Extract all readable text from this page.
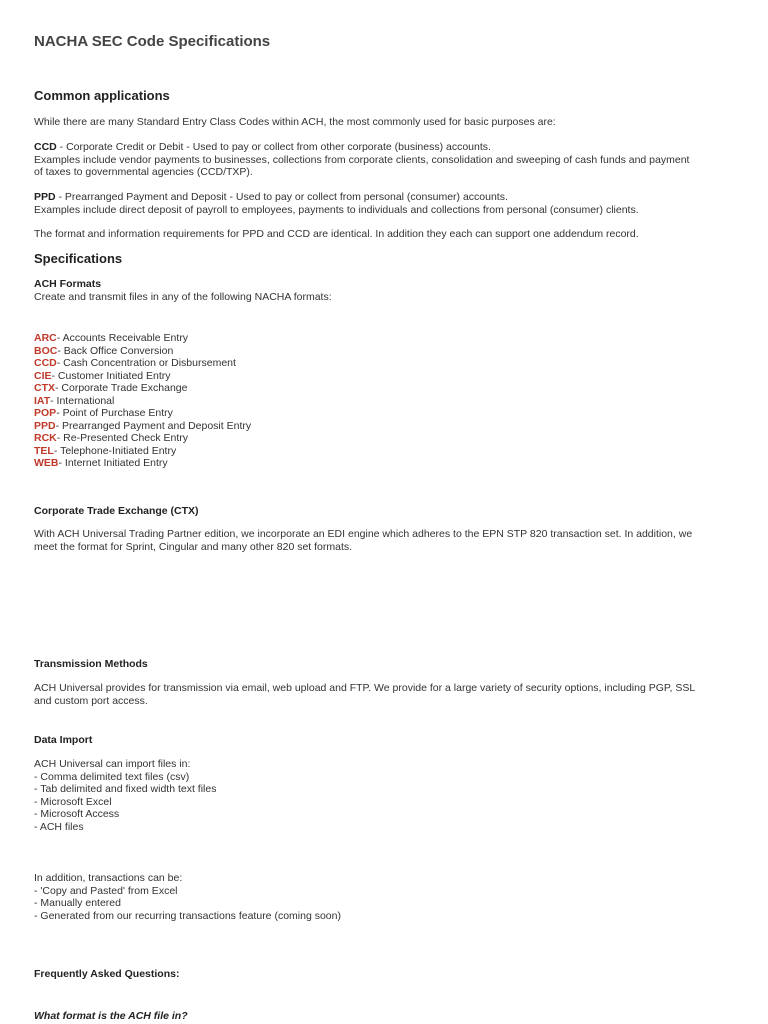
NACHA SEC Code Specifications
Common applications
While there are many Standard Entry Class Codes within ACH, the most commonly used for basic purposes are:
CCD - Corporate Credit or Debit - Used to pay or collect from other corporate (business) accounts.
Examples include vendor payments to businesses, collections from corporate clients, consolidation and sweeping of cash funds and payment
of taxes to governmental agencies (CCD/TXP).
PPD - Prearranged Payment and Deposit - Used to pay or collect from personal (consumer) accounts.
Examples include direct deposit of payroll to employees, payments to individuals and collections from personal (consumer) clients.
The format and information requirements for PPD and CCD are identical. In addition they each can support one addendum record.
Specifications
ACH Formats
Create and transmit files in any of the following NACHA formats:
ARC- Accounts Receivable Entry
BOC- Back Office Conversion
CCD- Cash Concentration or Disbursement
CIE- Customer Initiated Entry
CTX- Corporate Trade Exchange
IAT- International
POP- Point of Purchase Entry
PPD- Prearranged Payment and Deposit Entry
RCK- Re-Presented Check Entry
TEL- Telephone-Initiated Entry
WEB- Internet Initiated Entry
Corporate Trade Exchange (CTX)
With ACH Universal Trading Partner edition, we incorporate an EDI engine which adheres to the EPN STP 820 transaction set. In addition, we
meet the format for Sprint, Cingular and many other 820 set formats.
Transmission Methods
ACH Universal provides for transmission via email, web upload and FTP. We provide for a large variety of security options, including PGP, SSL
and custom port access.
Data Import
ACH Universal can import files in:
- Comma delimited text files (csv)
- Tab delimited and fixed width text files
- Microsoft Excel
- Microsoft Access
- ACH files
In addition, transactions can be:
- 'Copy and Pasted' from Excel
- Manually entered
- Generated from our recurring transactions feature (coming soon)
Frequently Asked Questions:
What format is the ACH file in?
